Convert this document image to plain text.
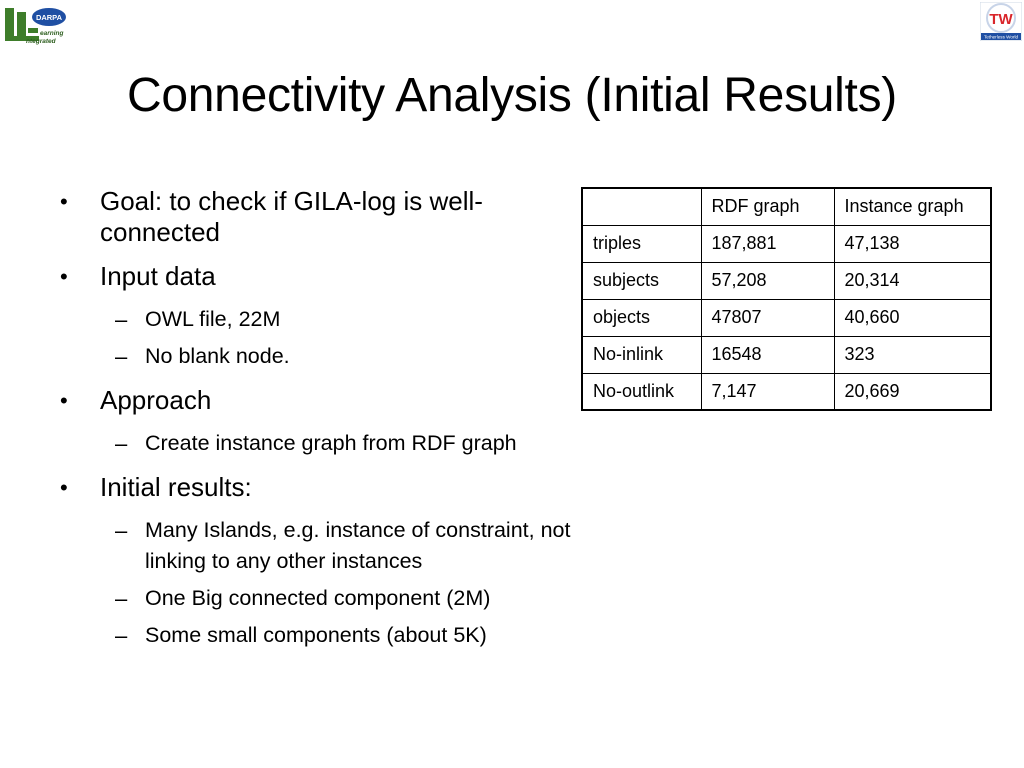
DARPA
earning
ntegrated
TW
Tetherless World
Connectivity Analysis (Initial Results)
• Goal: to check if GILA-log is well-connected
• Input data
– OWL file, 22M
– No blank node.
• Approach
– Create instance graph from RDF graph
• Initial results:
– Many Islands, e.g. instance of constraint, not linking to any other instances
– One Big connected component (2M)
– Some small components (about 5K)
	RDF graph	Instance graph
triples	187,881	47,138
subjects	57,208	20,314
objects	47807	40,660
No-inlink	16548	323
No-outlink	7,147	20,669
